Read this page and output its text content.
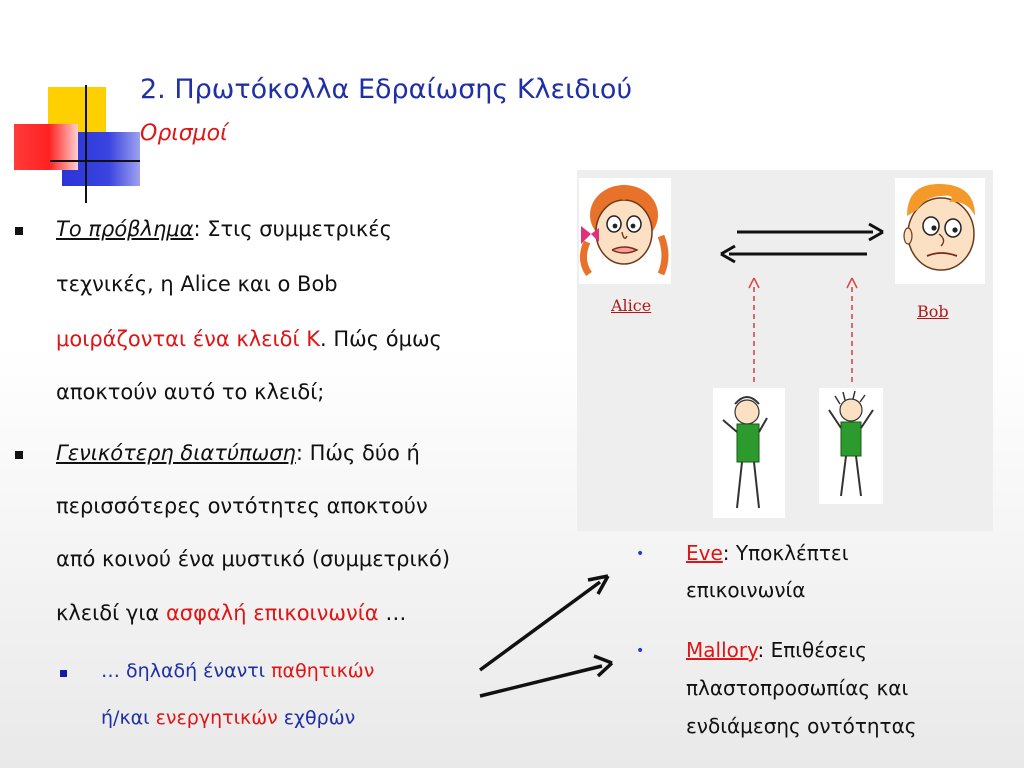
2. Πρωτόκολλα Εδραίωσης Κλειδιού
Ορισμοί
Το πρόβλημα: Στις συμμετρικές
τεχνικές, η Alice και ο Bob
μοιράζονται ένα κλειδί K. Πώς όμως
αποκτούν αυτό το κλειδί;
Γενικότερη διατύπωση: Πώς δύο ή
περισσότερες οντότητες αποκτούν
από κοινού ένα μυστικό (συμμετρικό)
κλειδί για ασφαλή επικοινωνία …
… δηλαδή έναντι παθητικών
ή/και ενεργητικών εχθρών
Alice	Bob
• Eve: Υποκλέπτει
επικοινωνία
• Mallory: Επιθέσεις
πλαστοπροσωπίας και
ενδιάμεσης οντότητας
